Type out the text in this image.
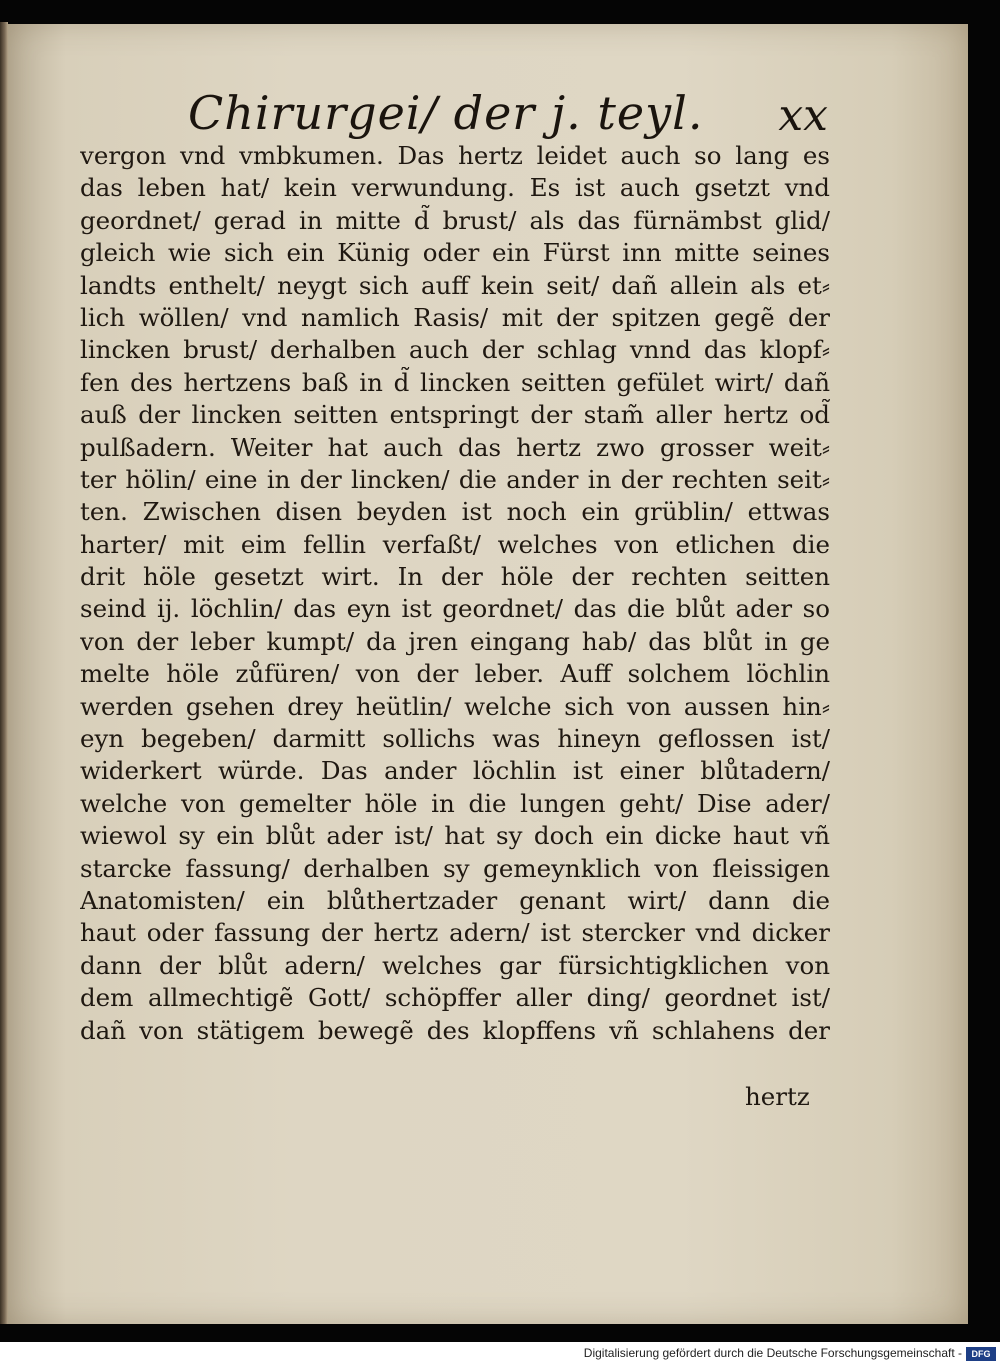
Chirurgei/ der j. teyl. xx
vergon vnd vmbkumen. Das hertz leidet auch so lang es
das leben hat/ kein verwundung. Es ist auch gsetzt vnd
geordnet/ gerad in mitte d̃ brust/ als das fürnämbst glid/
gleich wie sich ein Künig oder ein Fürst inn mitte seines
landts enthelt/ neygt sich auff kein seit/ dañ allein als et⸗
lich wöllen/ vnd namlich Rasis/ mit der spitzen gegẽ der
lincken brust/ derhalben auch der schlag vnnd das klopf⸗
fen des hertzens baß in d̃ lincken seitten gefület wirt/ dañ
auß der lincken seitten entspringt der stam̃ aller hertz od̃
pulßadern. Weiter hat auch das hertz zwo grosser weit⸗
ter hölin/ eine in der lincken/ die ander in der rechten seit⸗
ten. Zwischen disen beyden ist noch ein grüblin/ ettwas
harter/ mit eim fellin verfaßt/ welches von etlichen die
drit höle gesetzt wirt. In der höle der rechten seitten
seind ij. löchlin/ das eyn ist geordnet/ das die blůt ader so
von der leber kumpt/ da jren eingang hab/ das blůt in ge
melte höle zůfüren/ von der leber. Auff solchem löchlin
werden gsehen drey heütlin/ welche sich von aussen hin⸗
eyn begeben/ darmitt sollichs was hineyn geflossen ist/
widerkert würde. Das ander löchlin ist einer blůtadern/
welche von gemelter höle in die lungen geht/ Dise ader/
wiewol sy ein blůt ader ist/ hat sy doch ein dicke haut vñ
starcke fassung/ derhalben sy gemeynklich von fleissigen
Anatomisten/ ein blůthertzader genant wirt/ dann die
haut oder fassung der hertz adern/ ist stercker vnd dicker
dann der blůt adern/ welches gar fürsichtigklichen von
dem allmechtigẽ Gott/ schöpffer aller ding/ geordnet ist/
dañ von stätigem bewegẽ des klopffens vñ schlahens der
hertz
Digitalisierung gefördert durch die Deutsche Forschungsgemeinschaft -	DFG
